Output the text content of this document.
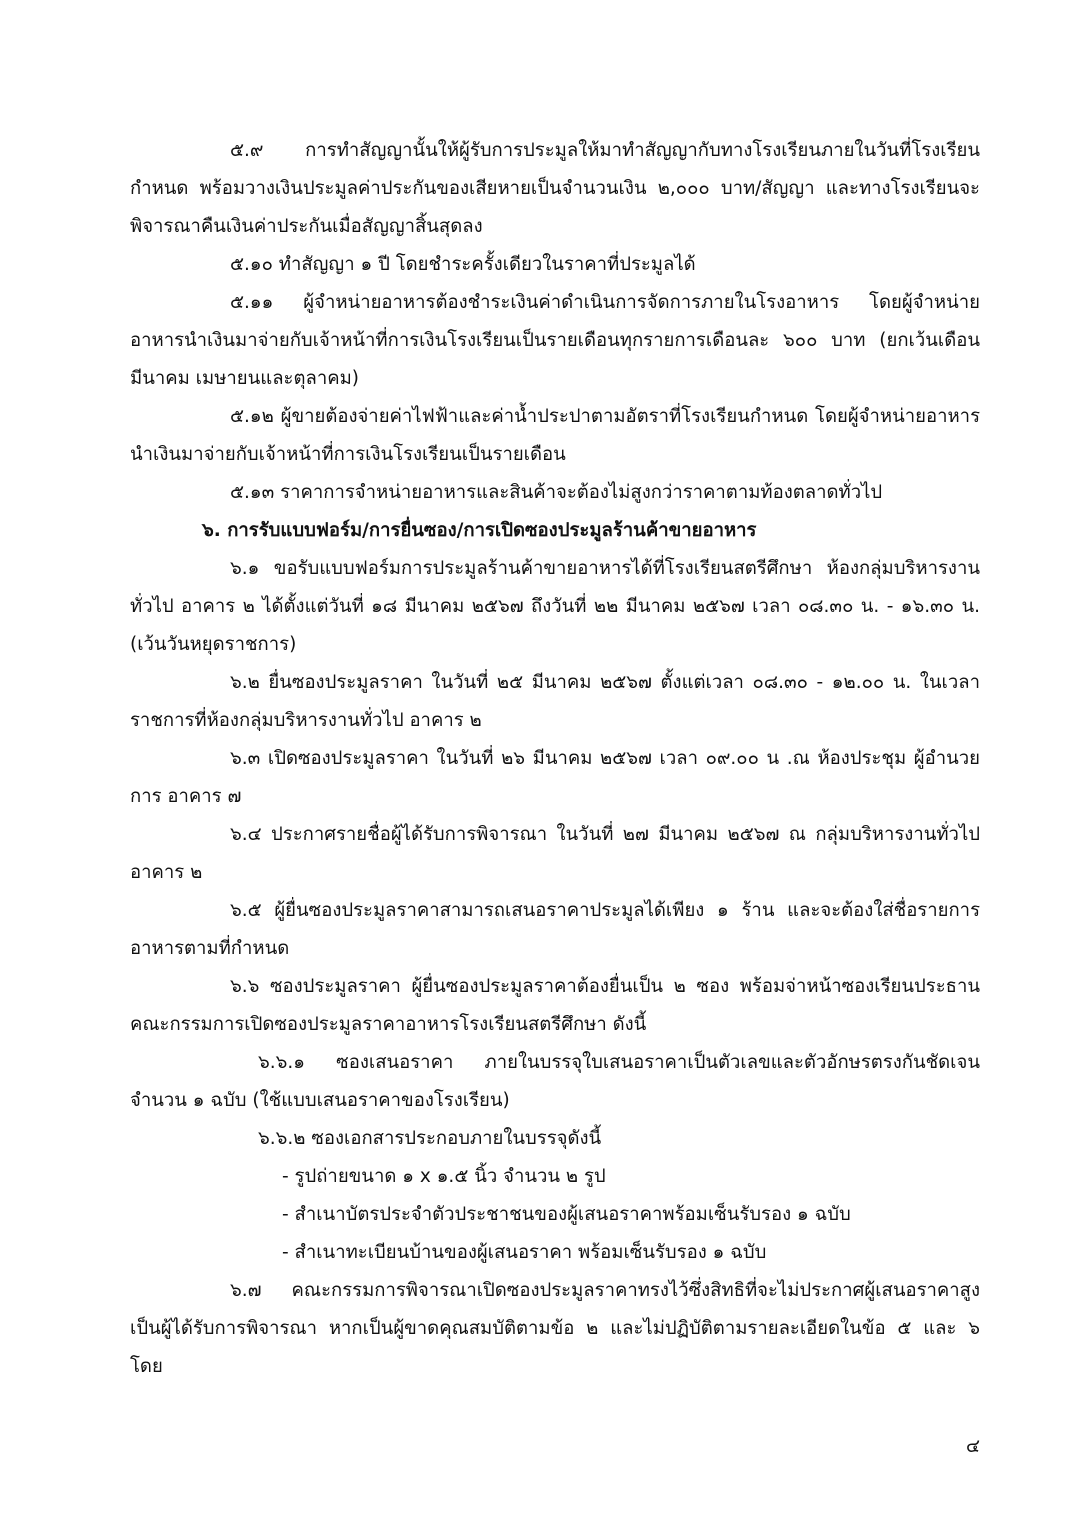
๕.๙ การทำสัญญานั้นให้ผู้รับการประมูลให้มาทำสัญญากับทางโรงเรียนภายในวันที่โรงเรียนกำหนด พร้อมวางเงินประมูลค่าประกันของเสียหายเป็นจำนวนเงิน ๒,๐๐๐ บาท/สัญญา และทางโรงเรียนจะพิจารณาคืนเงินค่าประกันเมื่อสัญญาสิ้นสุดลง

๕.๑๐ ทำสัญญา ๑ ปี โดยชำระครั้งเดียวในราคาที่ประมูลได้

๕.๑๑ ผู้จำหน่ายอาหารต้องชำระเงินค่าดำเนินการจัดการภายในโรงอาหาร โดยผู้จำหน่ายอาหารนำเงินมาจ่ายกับเจ้าหน้าที่การเงินโรงเรียนเป็นรายเดือนทุกรายการเดือนละ ๖๐๐ บาท (ยกเว้นเดือนมีนาคม เมษายนและตุลาคม)

๕.๑๒ ผู้ขายต้องจ่ายค่าไฟฟ้าและค่าน้ำประปาตามอัตราที่โรงเรียนกำหนด โดยผู้จำหน่ายอาหารนำเงินมาจ่ายกับเจ้าหน้าที่การเงินโรงเรียนเป็นรายเดือน

๕.๑๓ ราคาการจำหน่ายอาหารและสินค้าจะต้องไม่สูงกว่าราคาตามท้องตลาดทั่วไป

๖. การรับแบบฟอร์ม/การยื่นซอง/การเปิดซองประมูลร้านค้าขายอาหาร

๖.๑ ขอรับแบบฟอร์มการประมูลร้านค้าขายอาหารได้ที่โรงเรียนสตรีศึกษา ห้องกลุ่มบริหารงานทั่วไป อาคาร ๒ ได้ตั้งแต่วันที่ ๑๘ มีนาคม ๒๕๖๗ ถึงวันที่ ๒๒ มีนาคม ๒๕๖๗ เวลา ๐๘.๓๐ น. - ๑๖.๓๐ น. (เว้นวันหยุดราชการ)

๖.๒ ยื่นซองประมูลราคา ในวันที่ ๒๕ มีนาคม ๒๕๖๗ ตั้งแต่เวลา ๐๘.๓๐ - ๑๒.๐๐ น. ในเวลาราชการที่ห้องกลุ่มบริหารงานทั่วไป อาคาร ๒

๖.๓ เปิดซองประมูลราคา ในวันที่ ๒๖ มีนาคม ๒๕๖๗ เวลา ๐๙.๐๐ น .ณ ห้องประชุม ผู้อำนวยการ อาคาร ๗

๖.๔ ประกาศรายชื่อผู้ได้รับการพิจารณา ในวันที่ ๒๗ มีนาคม ๒๕๖๗ ณ กลุ่มบริหารงานทั่วไป อาคาร ๒

๖.๕ ผู้ยื่นซองประมูลราคาสามารถเสนอราคาประมูลได้เพียง ๑ ร้าน และจะต้องใส่ชื่อรายการอาหารตามที่กำหนด

๖.๖ ซองประมูลราคา ผู้ยื่นซองประมูลราคาต้องยื่นเป็น ๒ ซอง พร้อมจ่าหน้าซองเรียนประธานคณะกรรมการเปิดซองประมูลราคาอาหารโรงเรียนสตรีศึกษา ดังนี้

๖.๖.๑ ซองเสนอราคา ภายในบรรจุใบเสนอราคาเป็นตัวเลขและตัวอักษรตรงกันชัดเจนจำนวน ๑ ฉบับ (ใช้แบบเสนอราคาของโรงเรียน)

๖.๖.๒ ซองเอกสารประกอบภายในบรรจุดังนี้

- รูปถ่ายขนาด ๑ x ๑.๕ นิ้ว จำนวน ๒ รูป

- สำเนาบัตรประจำตัวประชาชนของผู้เสนอราคาพร้อมเซ็นรับรอง ๑ ฉบับ

- สำเนาทะเบียนบ้านของผู้เสนอราคา พร้อมเซ็นรับรอง ๑ ฉบับ

๖.๗ คณะกรรมการพิจารณาเปิดซองประมูลราคาทรงไว้ซึ่งสิทธิที่จะไม่ประกาศผู้เสนอราคาสูงเป็นผู้ได้รับการพิจารณา หากเป็นผู้ขาดคุณสมบัติตามข้อ ๒ และไม่ปฏิบัติตามรายละเอียดในข้อ ๕ และ ๖ โดย

๔
